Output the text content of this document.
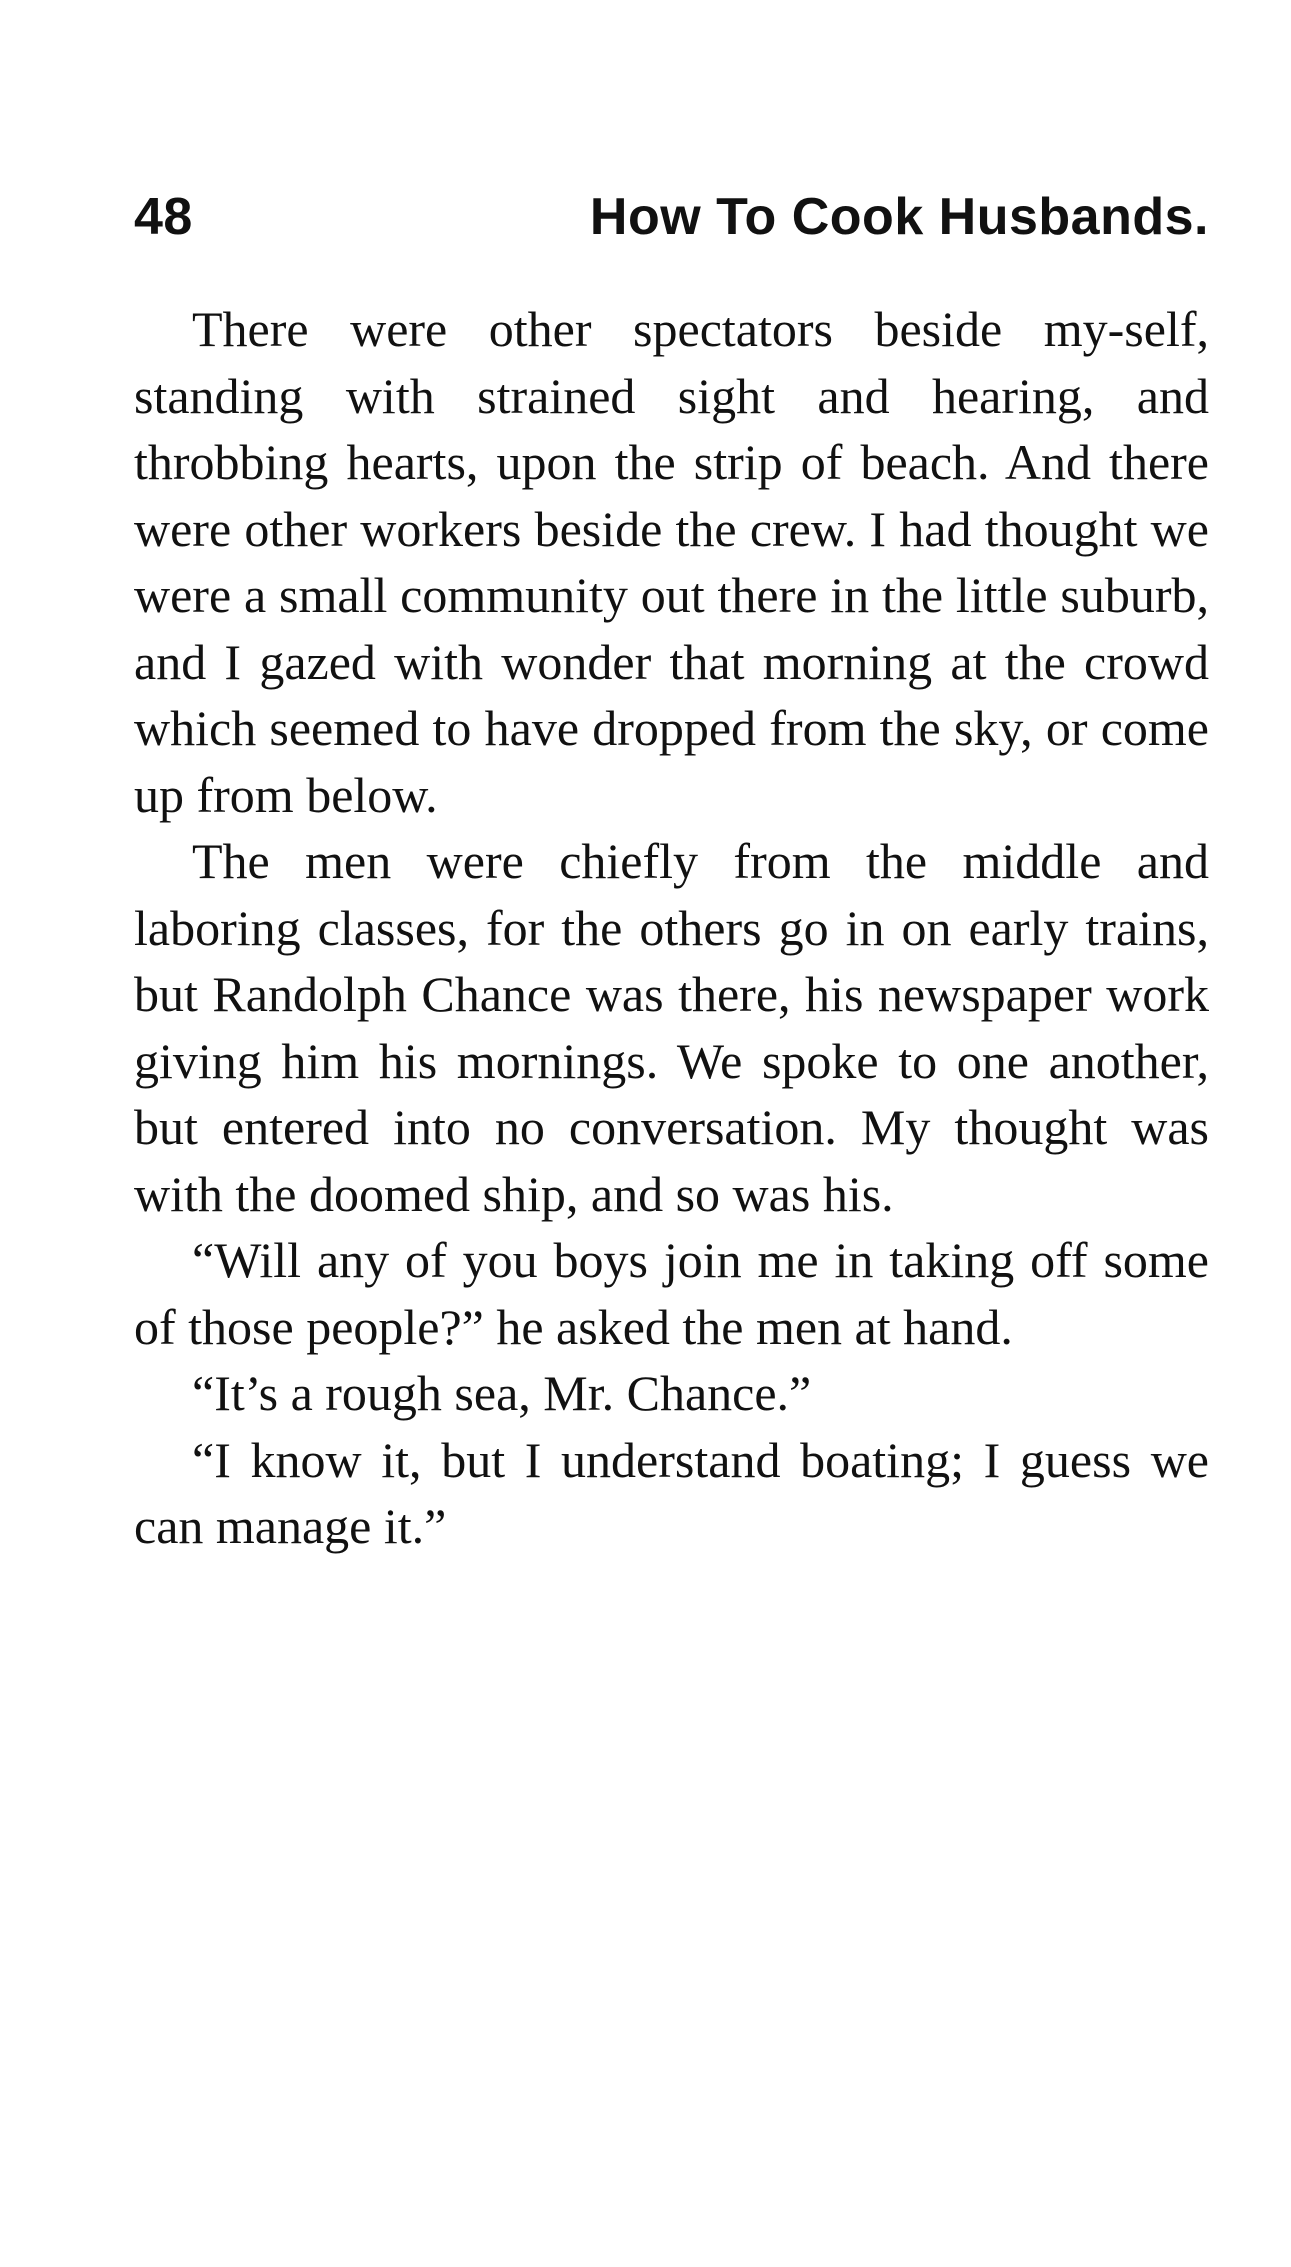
48	How To Cook Husbands.

There were other spectators beside my-self, standing with strained sight and hearing, and throbbing hearts, upon the strip of beach. And there were other workers beside the crew. I had thought we were a small community out there in the little suburb, and I gazed with wonder that morning at the crowd which seemed to have dropped from the sky, or come up from below.

The men were chiefly from the middle and laboring classes, for the others go in on early trains, but Randolph Chance was there, his newspaper work giving him his mornings. We spoke to one another, but entered into no conversation. My thought was with the doomed ship, and so was his.

“Will any of you boys join me in taking off some of those people?” he asked the men at hand.

“It’s a rough sea, Mr. Chance.”

“I know it, but I understand boating; I guess we can manage it.”
